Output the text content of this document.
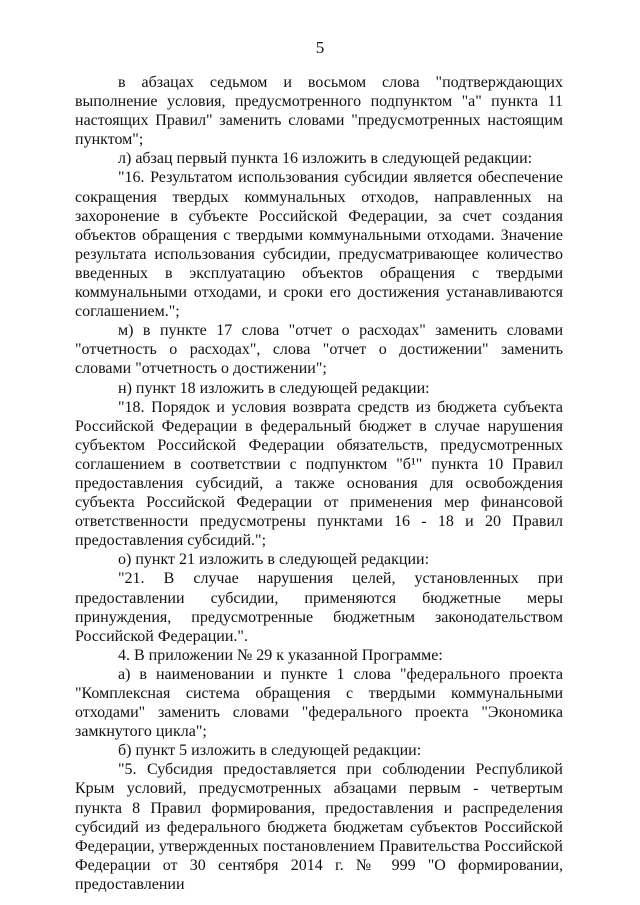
5

в абзацах седьмом и восьмом слова "подтверждающих выполнение условия, предусмотренного подпунктом "а" пункта 11 настоящих Правил" заменить словами "предусмотренных настоящим пунктом";

л) абзац первый пункта 16 изложить в следующей редакции:

"16. Результатом использования субсидии является обеспечение сокращения твердых коммунальных отходов, направленных на захоронение в субъекте Российской Федерации, за счет создания объектов обращения с твердыми коммунальными отходами. Значение результата использования субсидии, предусматривающее количество введенных в эксплуатацию объектов обращения с твердыми коммунальными отходами, и сроки его достижения устанавливаются соглашением.";

м) в пункте 17 слова "отчет о расходах" заменить словами "отчетность о расходах", слова "отчет о достижении" заменить словами "отчетность о достижении";

н) пункт 18 изложить в следующей редакции:

"18. Порядок и условия возврата средств из бюджета субъекта Российской Федерации в федеральный бюджет в случае нарушения субъектом Российской Федерации обязательств, предусмотренных соглашением в соответствии с подпунктом "б¹" пункта 10 Правил предоставления субсидий, а также основания для освобождения субъекта Российской Федерации от применения мер финансовой ответственности предусмотрены пунктами 16 - 18 и 20 Правил предоставления субсидий.";

о) пункт 21 изложить в следующей редакции:

"21. В случае нарушения целей, установленных при предоставлении субсидии, применяются бюджетные меры принуждения, предусмотренные бюджетным законодательством Российской Федерации.".

4. В приложении № 29 к указанной Программе:

а) в наименовании и пункте 1 слова "федерального проекта "Комплексная система обращения с твердыми коммунальными отходами" заменить словами "федерального проекта "Экономика замкнутого цикла";

б) пункт 5 изложить в следующей редакции:

"5. Субсидия предоставляется при соблюдении Республикой Крым условий, предусмотренных абзацами первым - четвертым пункта 8 Правил формирования, предоставления и распределения субсидий из федерального бюджета бюджетам субъектов Российской Федерации, утвержденных постановлением Правительства Российской Федерации от 30 сентября 2014 г. № 999 "О формировании, предоставлении
